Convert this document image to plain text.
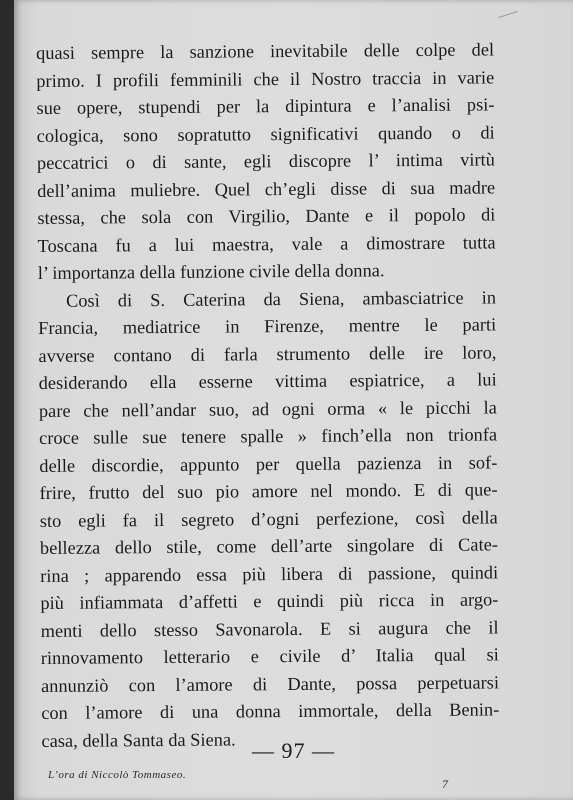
quasi sempre la sanzione inevitabile delle colpe del
primo. I profili femminili che il Nostro traccia in varie
sue opere, stupendi per la dipintura e l’analisi psi-
cologica, sono sopratutto significativi quando o di
peccatrici o di sante, egli discopre l’ intima virtù
dell’anima muliebre. Quel ch’egli disse di sua madre
stessa, che sola con Virgilio, Dante e il popolo di
Toscana fu a lui maestra, vale a dimostrare tutta
l’ importanza della funzione civile della donna.
Così di S. Caterina da Siena, ambasciatrice in
Francia, mediatrice in Firenze, mentre le parti
avverse contano di farla strumento delle ire loro,
desiderando ella esserne vittima espiatrice, a lui
pare che nell’andar suo, ad ogni orma « le picchi la
croce sulle sue tenere spalle » finch’ella non trionfa
delle discordie, appunto per quella pazienza in sof-
frire, frutto del suo pio amore nel mondo. E di que-
sto egli fa il segreto d’ogni perfezione, così della
bellezza dello stile, come dell’arte singolare di Cate-
rina ; apparendo essa più libera di passione, quindi
più infiammata d’affetti e quindi più ricca in argo-
menti dello stesso Savonarola. E si augura che il
rinnovamento letterario e civile d’ Italia qual si
annunziò con l’amore di Dante, possa perpetuarsi
con l’amore di una donna immortale, della Benin-
casa, della Santa da Siena. — 97 —
L’ora di Niccolò Tommaseo.
7
